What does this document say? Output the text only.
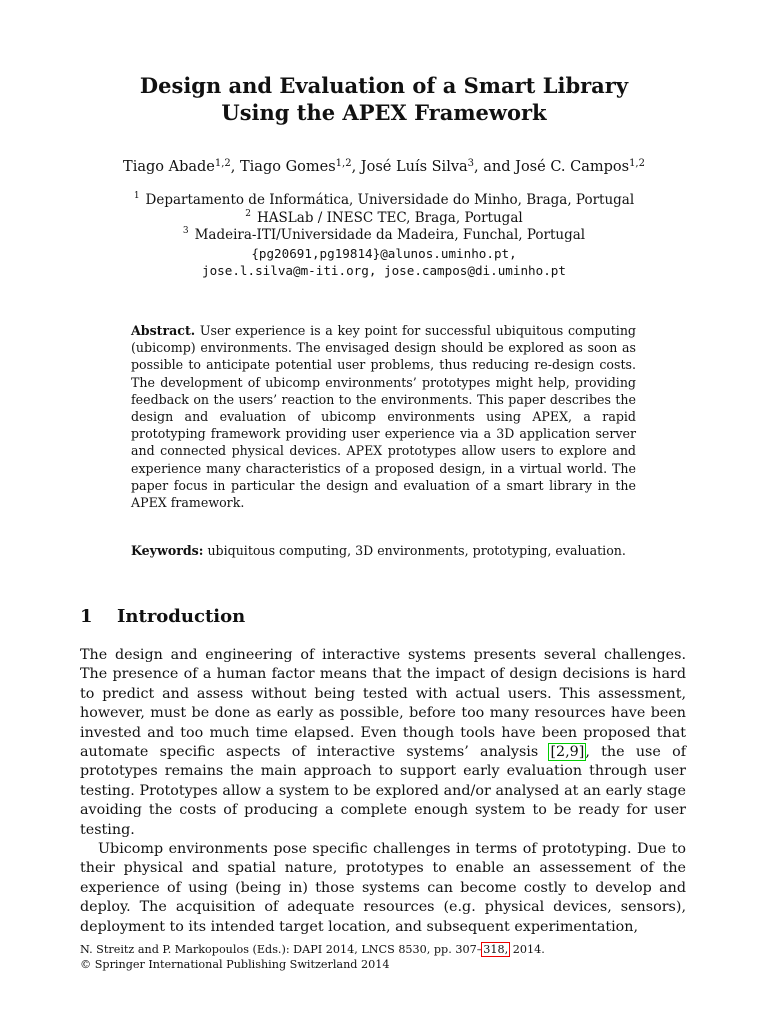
Design and Evaluation of a Smart Library
Using the APEX Framework
Tiago Abade$^{1,2}$, Tiago Gomes$^{1,2}$, José Luís Silva$^3$, and José C. Campos$^{1,2}$
$^1$ Departamento de Informática, Universidade do Minho, Braga, Portugal
$^2$ HASLab / INESC TEC, Braga, Portugal
$^3$ Madeira-ITI/Universidade da Madeira, Funchal, Portugal
{pg20691,pg19814}@alunos.uminho.pt,
jose.l.silva@m-iti.org, jose.campos@di.uminho.pt

Abstract. User experience is a key point for successful ubiquitous computing (ubicomp) environments. The envisaged design should be explored as soon as possible to anticipate potential user problems, thus reducing re-design costs. The development of ubicomp environments’ prototypes might help, providing feedback on the users’ reaction to the environments. This paper describes the design and evaluation of ubicomp environments using APEX, a rapid prototyping framework providing user experience via a 3D application server and connected physical devices. APEX prototypes allow users to explore and experience many characteristics of a proposed design, in a virtual world. The paper focus in particular the design and evaluation of a smart library in the APEX framework.

Keywords: ubiquitous computing, 3D environments, prototyping, evaluation.

1 Introduction

The design and engineering of interactive systems presents several challenges. The presence of a human factor means that the impact of design decisions is hard to predict and assess without being tested with actual users. This assessment, however, must be done as early as possible, before too many resources have been invested and too much time elapsed. Even though tools have been proposed that automate specific aspects of interactive systems’ analysis [2,9], the use of prototypes remains the main approach to support early evaluation through user testing. Prototypes allow a system to be explored and/or analysed at an early stage avoiding the costs of producing a complete enough system to be ready for user testing.

Ubicomp environments pose specific challenges in terms of prototyping. Due to their physical and spatial nature, prototypes to enable an assessement of the experience of using (being in) those systems can become costly to develop and deploy. The acquisition of adequate resources (e.g. physical devices, sensors), deployment to its intended target location, and subsequent experimentation,

N. Streitz and P. Markopoulos (Eds.): DAPI 2014, LNCS 8530, pp. 307–318, 2014.
© Springer International Publishing Switzerland 2014
